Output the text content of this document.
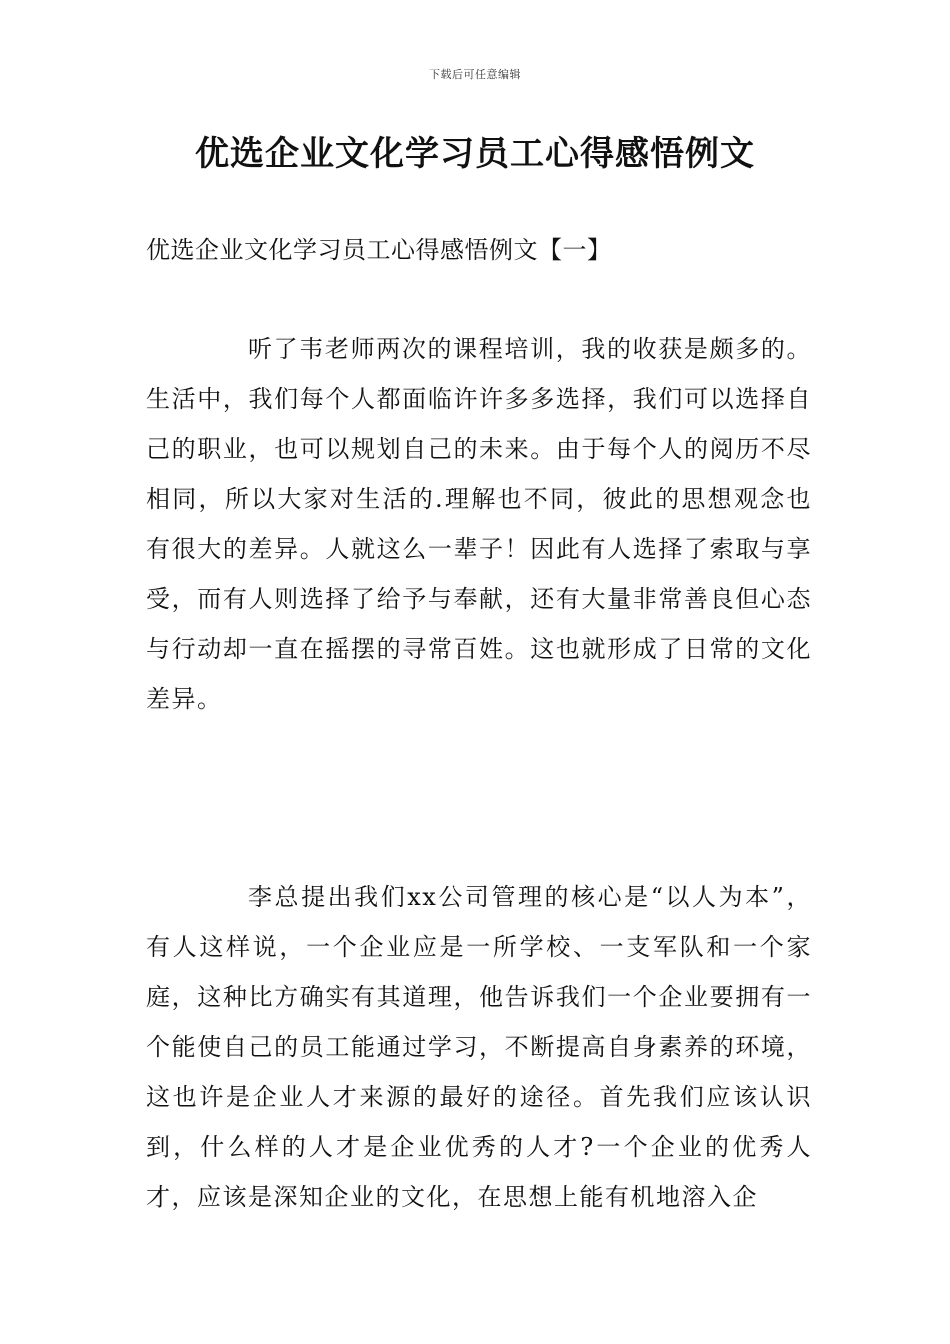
下载后可任意编辑
优选企业文化学习员工心得感悟例文
优选企业文化学习员工心得感悟例文【一】

听了韦老师两次的课程培训，我的收获是颇多的。生活中，我们每个人都面临许许多多选择，我们可以选择自己的职业，也可以规划自己的未来。由于每个人的阅历不尽相同，所以大家对生活的.理解也不同，彼此的思想观念也有很大的差异。人就这么一辈子！因此有人选择了索取与享受，而有人则选择了给予与奉献，还有大量非常善良但心态与行动却一直在摇摆的寻常百姓。这也就形成了日常的文化差异。

李总提出我们xx公司管理的核心是“以人为本”，有人这样说，一个企业应是一所学校、一支军队和一个家庭，这种比方确实有其道理，他告诉我们一个企业要拥有一个能使自己的员工能通过学习，不断提高自身素养的环境，这也许是企业人才来源的最好的途径。首先我们应该认识到，什么样的人才是企业优秀的人才?一个企业的优秀人才，应该是深知企业的文化，在思想上能有机地溶入企
